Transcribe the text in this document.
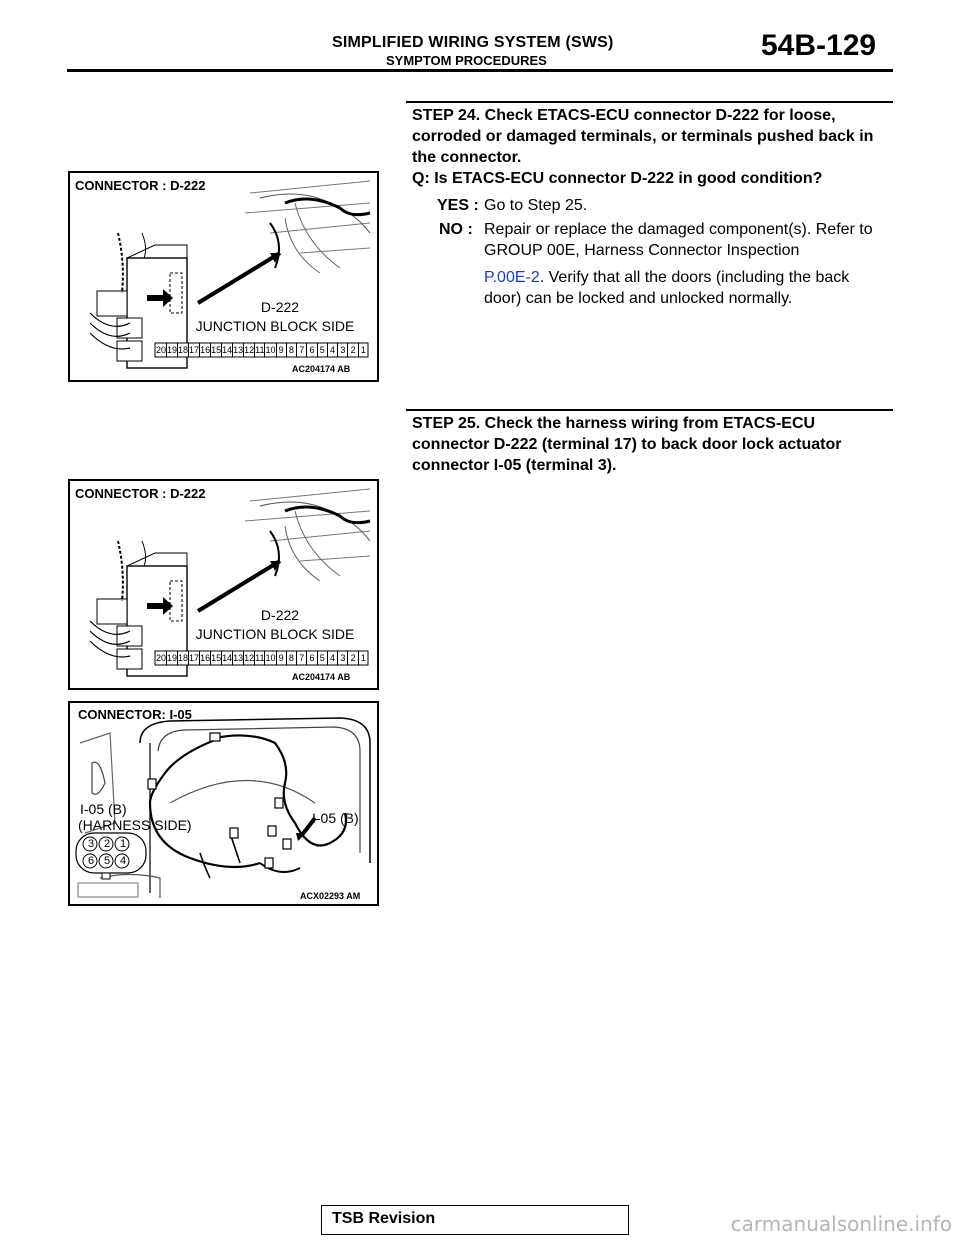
SIMPLIFIED WIRING SYSTEM (SWS)
SYMPTOM PROCEDURES	54B-129

STEP 24. Check ETACS-ECU connector D-222 for loose, corroded or damaged terminals, or terminals pushed back in the connector.

Q: Is ETACS-ECU connector D-222 in good condition?

YES : Go to Step 25.
NO : Repair or replace the damaged component(s). Refer to GROUP 00E, Harness Connector Inspection

P.00E-2. Verify that all the doors (including the back door) can be locked and unlocked normally.

STEP 25. Check the harness wiring from ETACS-ECU connector D-222 (terminal 17) to back door lock actuator connector I-05 (terminal 3).

CONNECTOR : D-222
D-222
JUNCTION BLOCK SIDE
20 19 18 17 16 15 14 13 12 11 10 9 8 7 6 5 4 3 2 1
AC204174 AB
CONNECTOR : D-222
D-222
JUNCTION BLOCK SIDE
20 19 18 17 16 15 14 13 12 11 10 9 8 7 6 5 4 3 2 1
AC204174 AB
CONNECTOR: I-05
I-05 (B)
(HARNESS SIDE)	I-05 (B)
3 2 1
6 5 4
ACX02293 AM
TSB Revision	carmanualsonline.info
